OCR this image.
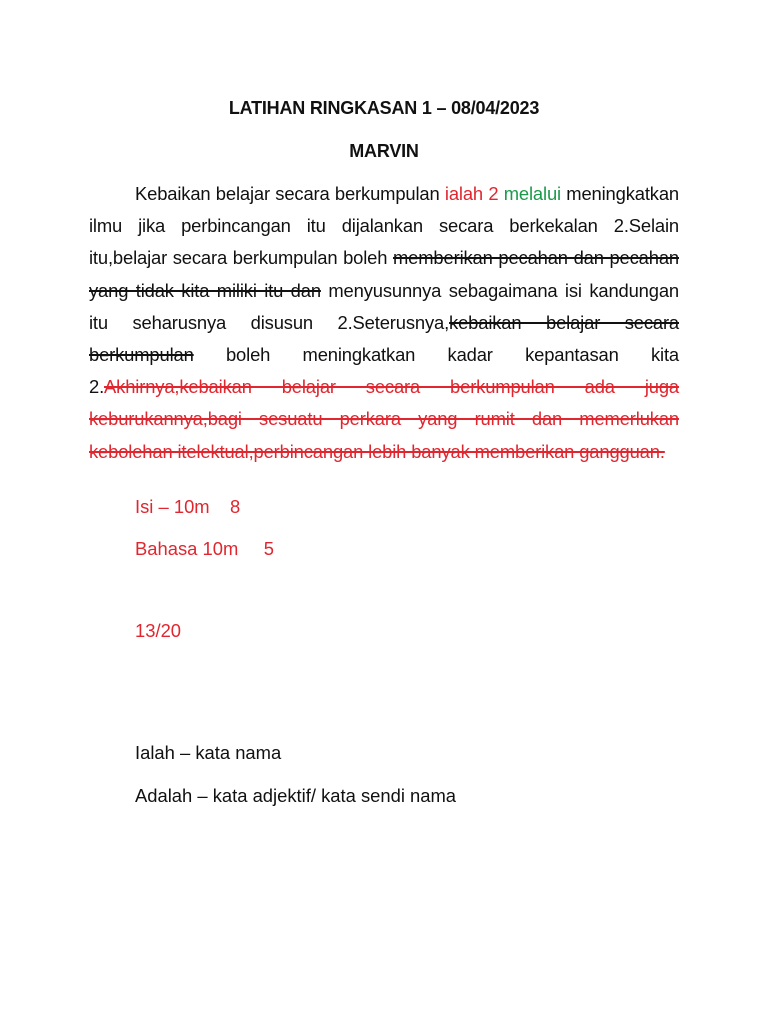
LATIHAN RINGKASAN 1 – 08/04/2023
MARVIN
Kebaikan belajar secara berkumpulan ialah 2 melalui meningkatkan ilmu jika perbincangan itu dijalankan secara berkekalan 2.Selain itu,belajar secara berkumpulan boleh memberikan pecahan dan pecahan yang tidak kita miliki itu dan menyusunnya sebagaimana isi kandungan itu seharusnya disusun 2.Seterusnya,kebaikan belajar secara berkumpulan boleh meningkatkan kadar kepantasan kita 2.Akhirnya,kebaikan belajar secara berkumpulan ada juga keburukannya,bagi sesuatu perkara yang rumit dan memerlukan kebolehan itelektual,perbincangan lebih banyak memberikan gangguan.
Isi – 10m    8
Bahasa 10m     5
13/20
Ialah – kata nama
Adalah – kata adjektif/ kata sendi nama
